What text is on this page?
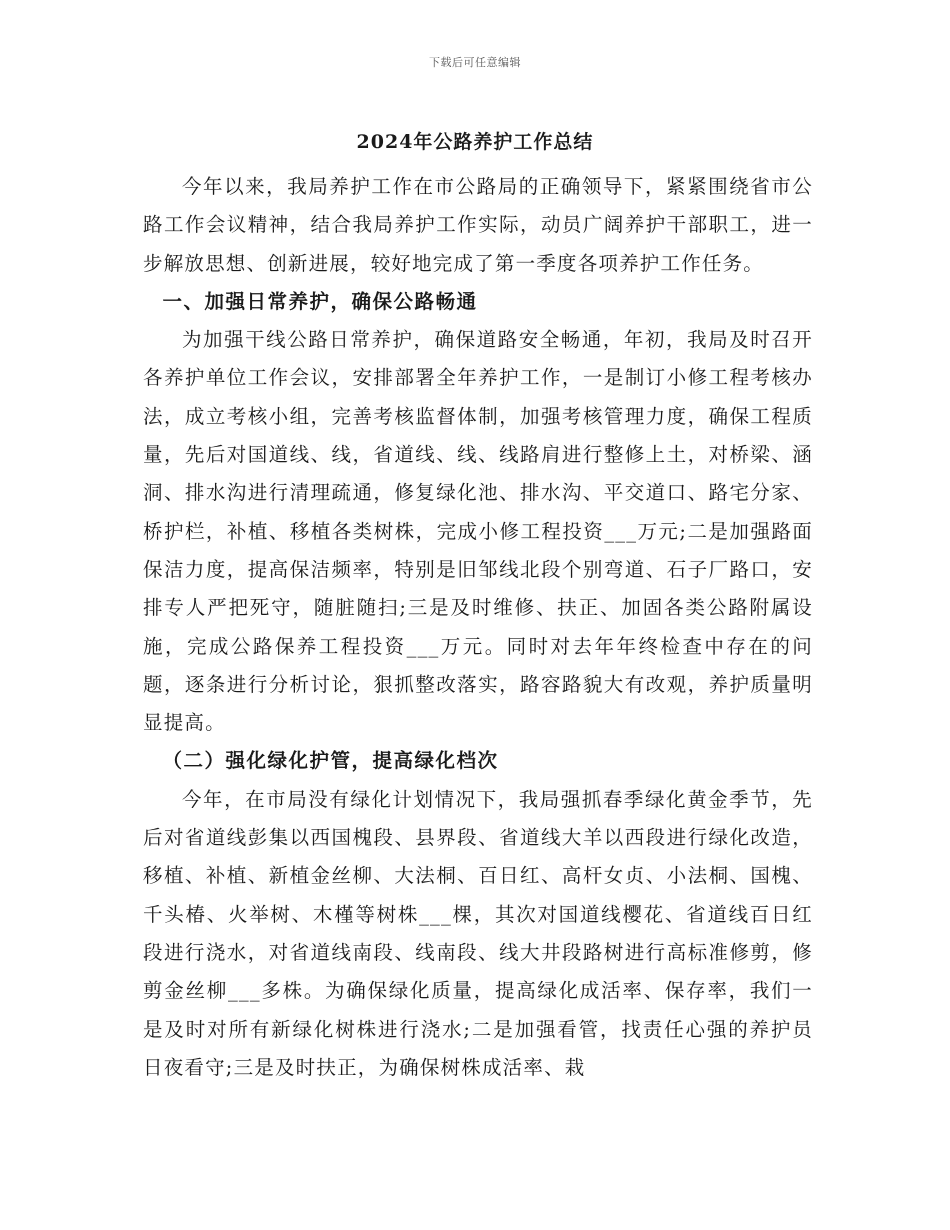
下载后可任意编辑
2024年公路养护工作总结

今年以来，我局养护工作在市公路局的正确领导下，紧紧围绕省市公路工作会议精神，结合我局养护工作实际，动员广阔养护干部职工，进一步解放思想、创新进展，较好地完成了第一季度各项养护工作任务。

一、加强日常养护，确保公路畅通

为加强干线公路日常养护，确保道路安全畅通，年初，我局及时召开各养护单位工作会议，安排部署全年养护工作，一是制订小修工程考核办法，成立考核小组，完善考核监督体制，加强考核管理力度，确保工程质量，先后对国道线、线，省道线、线、线路肩进行整修上土，对桥梁、涵洞、排水沟进行清理疏通，修复绿化池、排水沟、平交道口、路宅分家、桥护栏，补植、移植各类树株，完成小修工程投资___万元;二是加强路面保洁力度，提高保洁频率，特别是旧邹线北段个别弯道、石子厂路口，安排专人严把死守，随脏随扫;三是及时维修、扶正、加固各类公路附属设施，完成公路保养工程投资___万元。同时对去年年终检查中存在的问题，逐条进行分析讨论，狠抓整改落实，路容路貌大有改观，养护质量明显提高。

（二）强化绿化护管，提高绿化档次

今年，在市局没有绿化计划情况下，我局强抓春季绿化黄金季节，先后对省道线彭集以西国槐段、县界段、省道线大羊以西段进行绿化改造，移植、补植、新植金丝柳、大法桐、百日红、高杆女贞、小法桐、国槐、千头椿、火举树、木槿等树株___棵，其次对国道线樱花、省道线百日红段进行浇水，对省道线南段、线南段、线大井段路树进行高标准修剪，修剪金丝柳___多株。为确保绿化质量，提高绿化成活率、保存率，我们一是及时对所有新绿化树株进行浇水;二是加强看管，找责任心强的养护员日夜看守;三是及时扶正，为确保树株成活率、栽
